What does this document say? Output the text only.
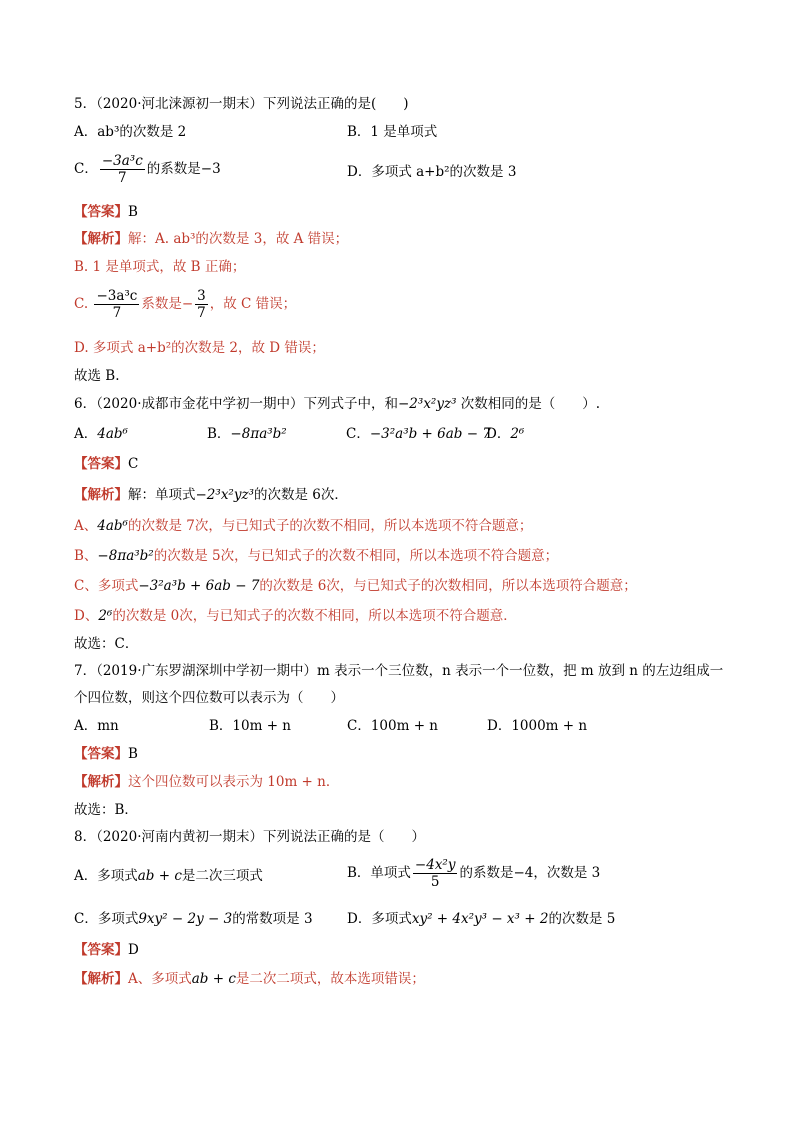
5．（2020·河北涞源初一期末）下列说法正确的是(　　)
A．ab³的次数是 2	B．1 是单项式
C． $\frac{\text{−3a³c}}{7}$ 的系数是−3	D．多项式 a+b²的次数是 3
【答案】B
【解析】解：A. ab³的次数是 3，故 A 错误；
B. 1 是单项式，故 B 正确；
C. $\frac{\text{−3a³c}}{7}$ 系数是− $\frac{3}{7}$ ，故 C 错误；
D. 多项式 a+b²的次数是 2，故 D 错误；
故选 B.
6．（2020·成都市金花中学初一期中）下列式子中，和−2³x²yz³ 次数相同的是（　　）.
A．4ab⁶	B．−8πa³b²	C．−3²a³b + 6ab − 7
D．2⁶
【答案】C
【解析】解：单项式−2³x²yz³的次数是 6次．
A、4ab⁶的次数是 7次，与已知式子的次数不相同，所以本选项不符合题意；
B、−8πa³b²的次数是 5次，与已知式子的次数不相同，所以本选项不符合题意；
C、多项式−3²a³b + 6ab − 7的次数是 6次，与已知式子的次数相同，所以本选项符合题意；
D、2⁶的次数是 0次，与已知式子的次数不相同，所以本选项不符合题意．
故选：C．
7．（2019·广东罗湖深圳中学初一期中）m 表示一个三位数，n 表示一个一位数，把 m 放到 n 的左边组成一
个四位数，则这个四位数可以表示为（　　）
A．mn	B．10m + n	C．100m + n	D．1000m + n
【答案】B
【解析】这个四位数可以表示为 10m + n．
故选：B．
8．（2020·河南内黄初一期末）下列说法正确的是（　　）
A．多项式ab + c是二次三项式	B．单项式 $\frac{\text{−4x²y}}{5}$ 的系数是−4，次数是 3
C．多项式9xy² − 2y − 3的常数项是 3	D．多项式xy² + 4x²y³ − x³ + 2的次数是 5
【答案】D
【解析】A、多项式ab + c是二次二项式，故本选项错误；
